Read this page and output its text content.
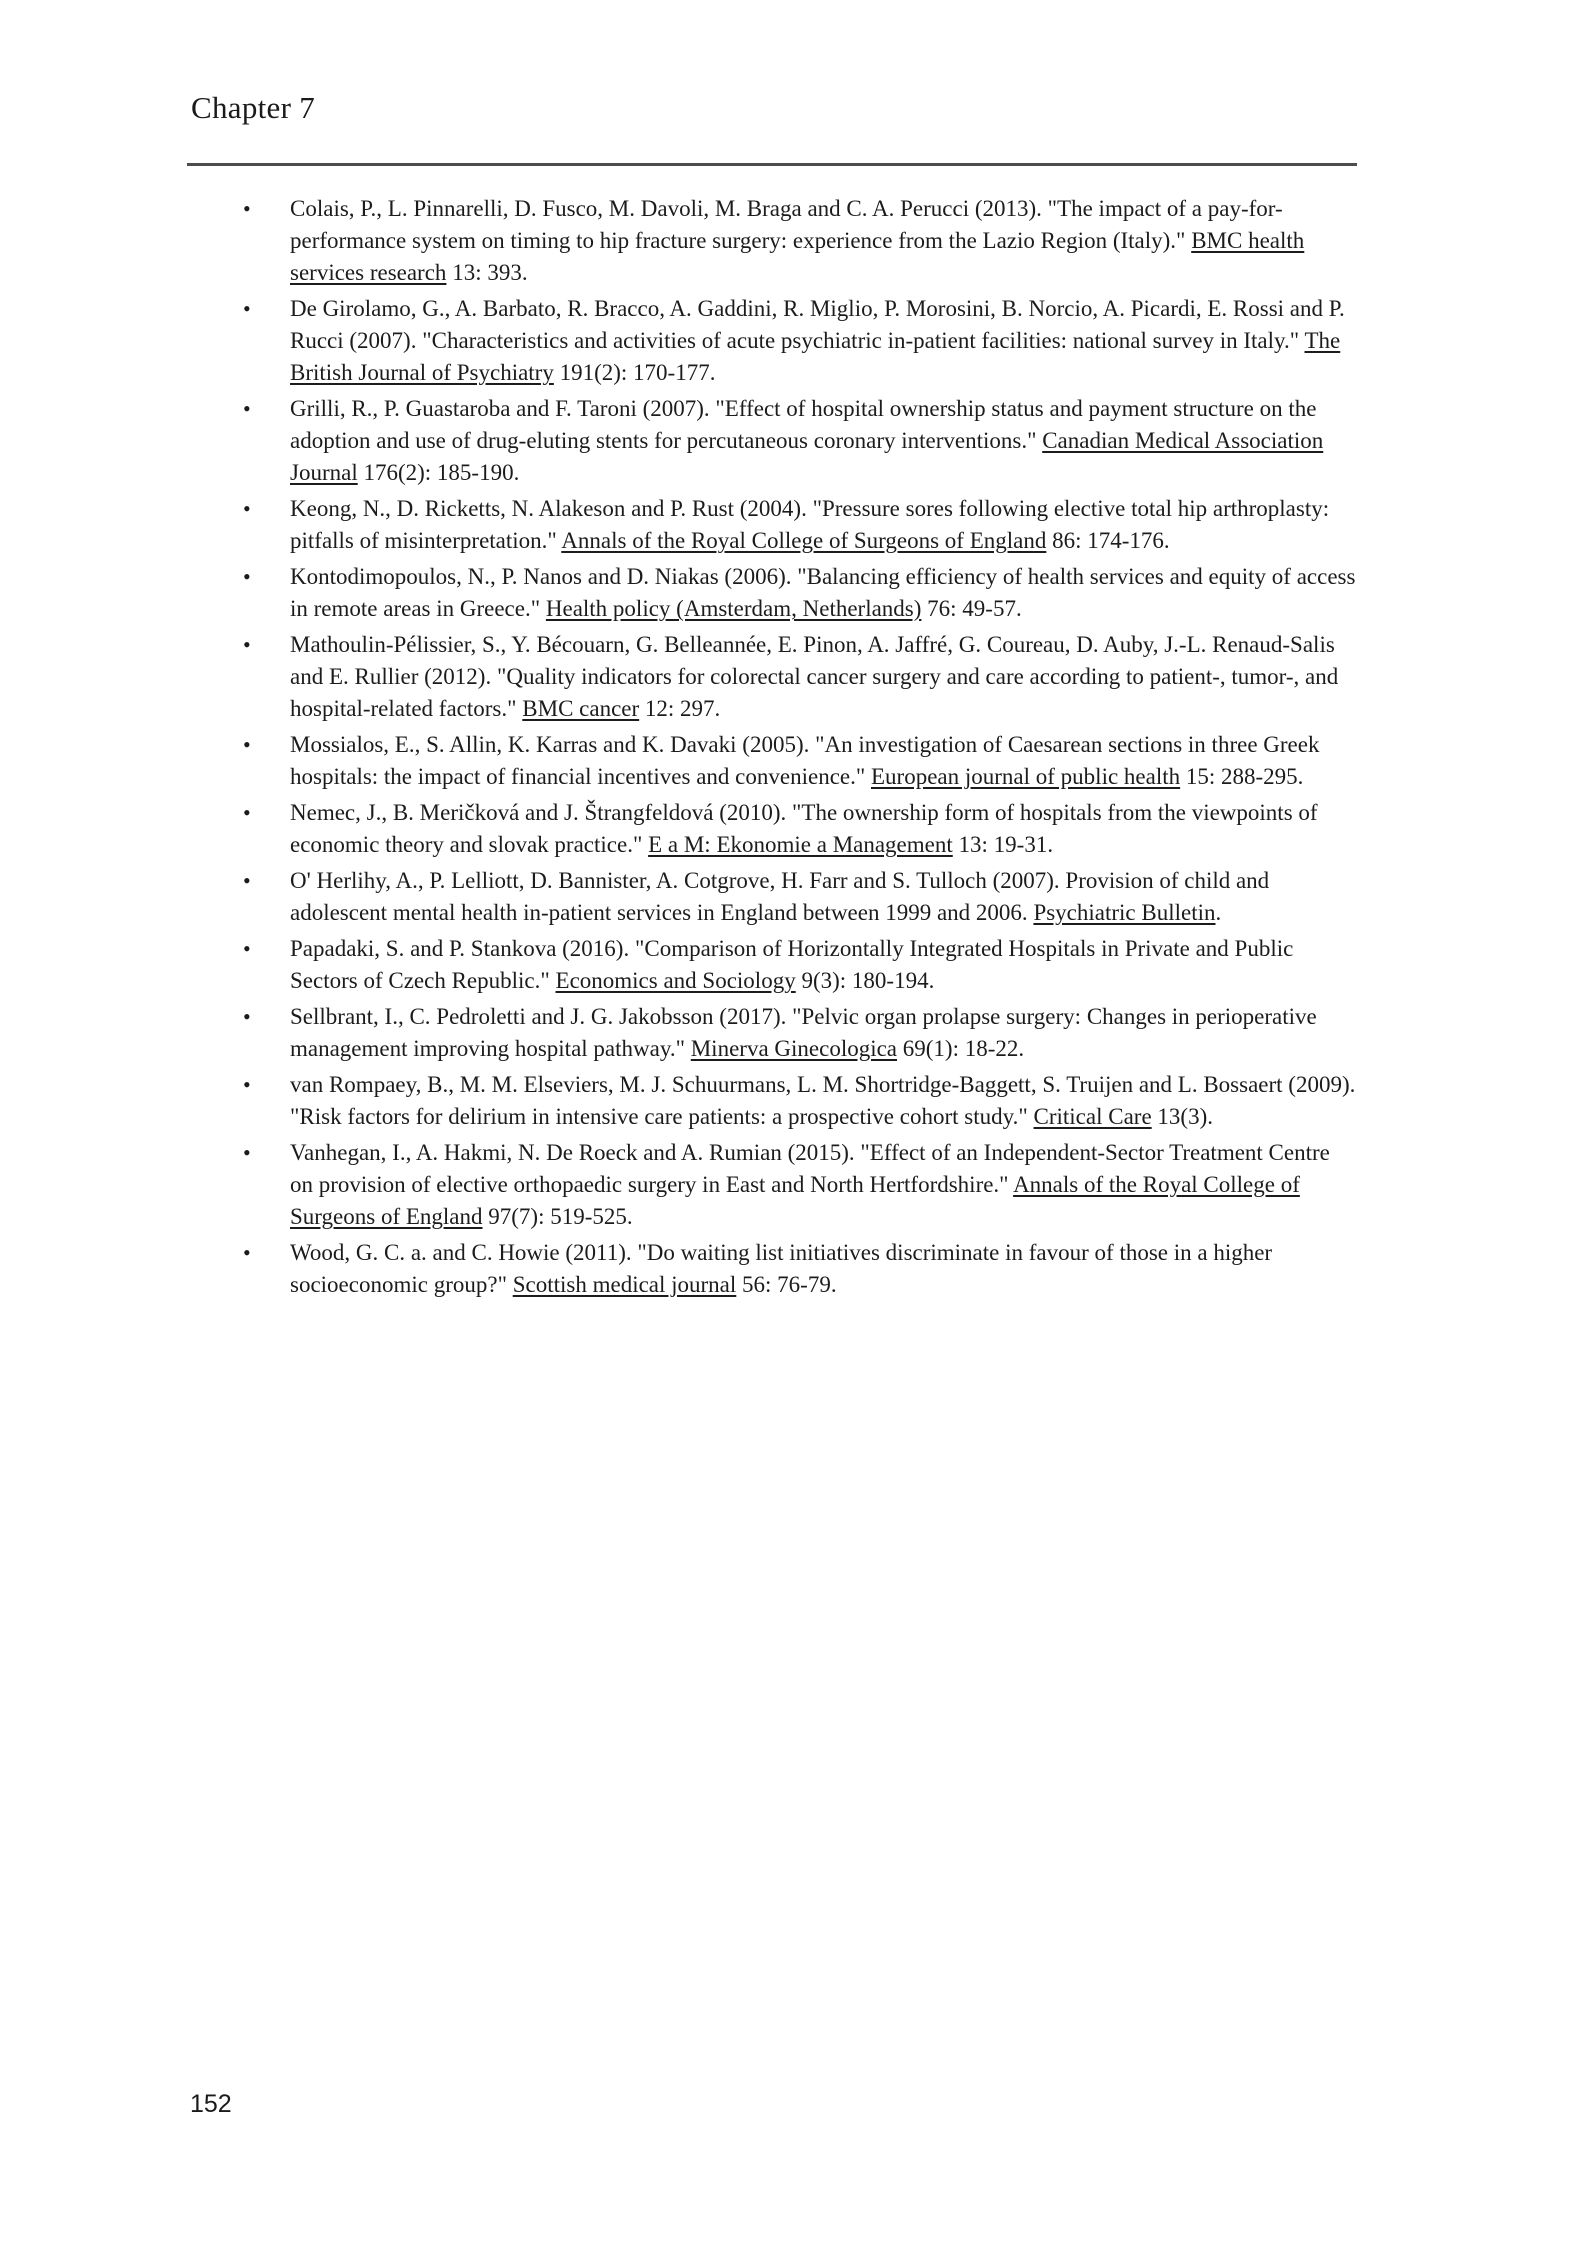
Chapter 7
• Colais, P., L. Pinnarelli, D. Fusco, M. Davoli, M. Braga and C. A. Perucci (2013). "The impact of a pay-for-performance system on timing to hip fracture surgery: experience from the Lazio Region (Italy)." BMC health services research 13: 393.
• De Girolamo, G., A. Barbato, R. Bracco, A. Gaddini, R. Miglio, P. Morosini, B. Norcio, A. Picardi, E. Rossi and P. Rucci (2007). "Characteristics and activities of acute psychiatric in-patient facilities: national survey in Italy." The British Journal of Psychiatry 191(2): 170-177.
• Grilli, R., P. Guastaroba and F. Taroni (2007). "Effect of hospital ownership status and payment structure on the adoption and use of drug-eluting stents for percutaneous coronary interventions." Canadian Medical Association Journal 176(2): 185-190.
• Keong, N., D. Ricketts, N. Alakeson and P. Rust (2004). "Pressure sores following elective total hip arthroplasty: pitfalls of misinterpretation." Annals of the Royal College of Surgeons of England 86: 174-176.
• Kontodimopoulos, N., P. Nanos and D. Niakas (2006). "Balancing efficiency of health services and equity of access in remote areas in Greece." Health policy (Amsterdam, Netherlands) 76: 49-57.
• Mathoulin-Pélissier, S., Y. Bécouarn, G. Belleannée, E. Pinon, A. Jaffré, G. Coureau, D. Auby, J.-L. Renaud-Salis and E. Rullier (2012). "Quality indicators for colorectal cancer surgery and care according to patient-, tumor-, and hospital-related factors." BMC cancer 12: 297.
• Mossialos, E., S. Allin, K. Karras and K. Davaki (2005). "An investigation of Caesarean sections in three Greek hospitals: the impact of financial incentives and convenience." European journal of public health 15: 288-295.
• Nemec, J., B. Meričková and J. Štrangfeldová (2010). "The ownership form of hospitals from the viewpoints of economic theory and slovak practice." E a M: Ekonomie a Management 13: 19-31.
• O' Herlihy, A., P. Lelliott, D. Bannister, A. Cotgrove, H. Farr and S. Tulloch (2007). Provision of child and adolescent mental health in-patient services in England between 1999 and 2006. Psychiatric Bulletin.
• Papadaki, S. and P. Stankova (2016). "Comparison of Horizontally Integrated Hospitals in Private and Public Sectors of Czech Republic." Economics and Sociology 9(3): 180-194.
• Sellbrant, I., C. Pedroletti and J. G. Jakobsson (2017). "Pelvic organ prolapse surgery: Changes in perioperative management improving hospital pathway." Minerva Ginecologica 69(1): 18-22.
• van Rompaey, B., M. M. Elseviers, M. J. Schuurmans, L. M. Shortridge-Baggett, S. Truijen and L. Bossaert (2009). "Risk factors for delirium in intensive care patients: a prospective cohort study." Critical Care 13(3).
• Vanhegan, I., A. Hakmi, N. De Roeck and A. Rumian (2015). "Effect of an Independent-Sector Treatment Centre on provision of elective orthopaedic surgery in East and North Hertfordshire." Annals of the Royal College of Surgeons of England 97(7): 519-525.
• Wood, G. C. a. and C. Howie (2011). "Do waiting list initiatives discriminate in favour of those in a higher socioeconomic group?" Scottish medical journal 56: 76-79.
152
